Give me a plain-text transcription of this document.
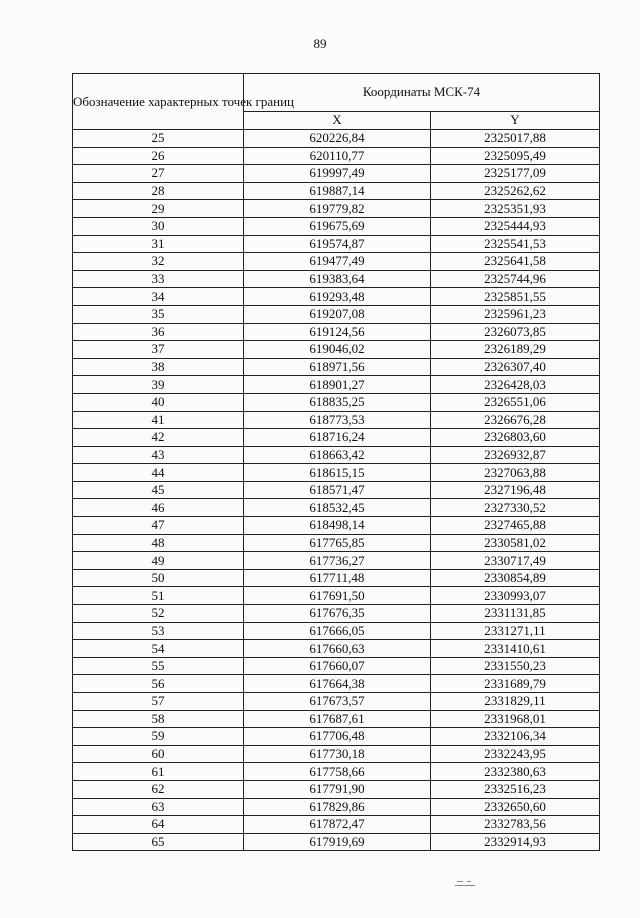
89
Обозначение характерных точек границ	Координаты МСК-74	
	X	Y
25	620226,84	2325017,88
26	620110,77	2325095,49
27	619997,49	2325177,09
28	619887,14	2325262,62
29	619779,82	2325351,93
30	619675,69	2325444,93
31	619574,87	2325541,53
32	619477,49	2325641,58
33	619383,64	2325744,96
34	619293,48	2325851,55
35	619207,08	2325961,23
36	619124,56	2326073,85
37	619046,02	2326189,29
38	618971,56	2326307,40
39	618901,27	2326428,03
40	618835,25	2326551,06
41	618773,53	2326676,28
42	618716,24	2326803,60
43	618663,42	2326932,87
44	618615,15	2327063,88
45	618571,47	2327196,48
46	618532,45	2327330,52
47	618498,14	2327465,88
48	617765,85	2330581,02
49	617736,27	2330717,49
50	617711,48	2330854,89
51	617691,50	2330993,07
52	617676,35	2331131,85
53	617666,05	2331271,11
54	617660,63	2331410,61
55	617660,07	2331550,23
56	617664,38	2331689,79
57	617673,57	2331829,11
58	617687,61	2331968,01
59	617706,48	2332106,34
60	617730,18	2332243,95
61	617758,66	2332380,63
62	617791,90	2332516,23
63	617829,86	2332650,60
64	617872,47	2332783,56
65	617919,69	2332914,93
